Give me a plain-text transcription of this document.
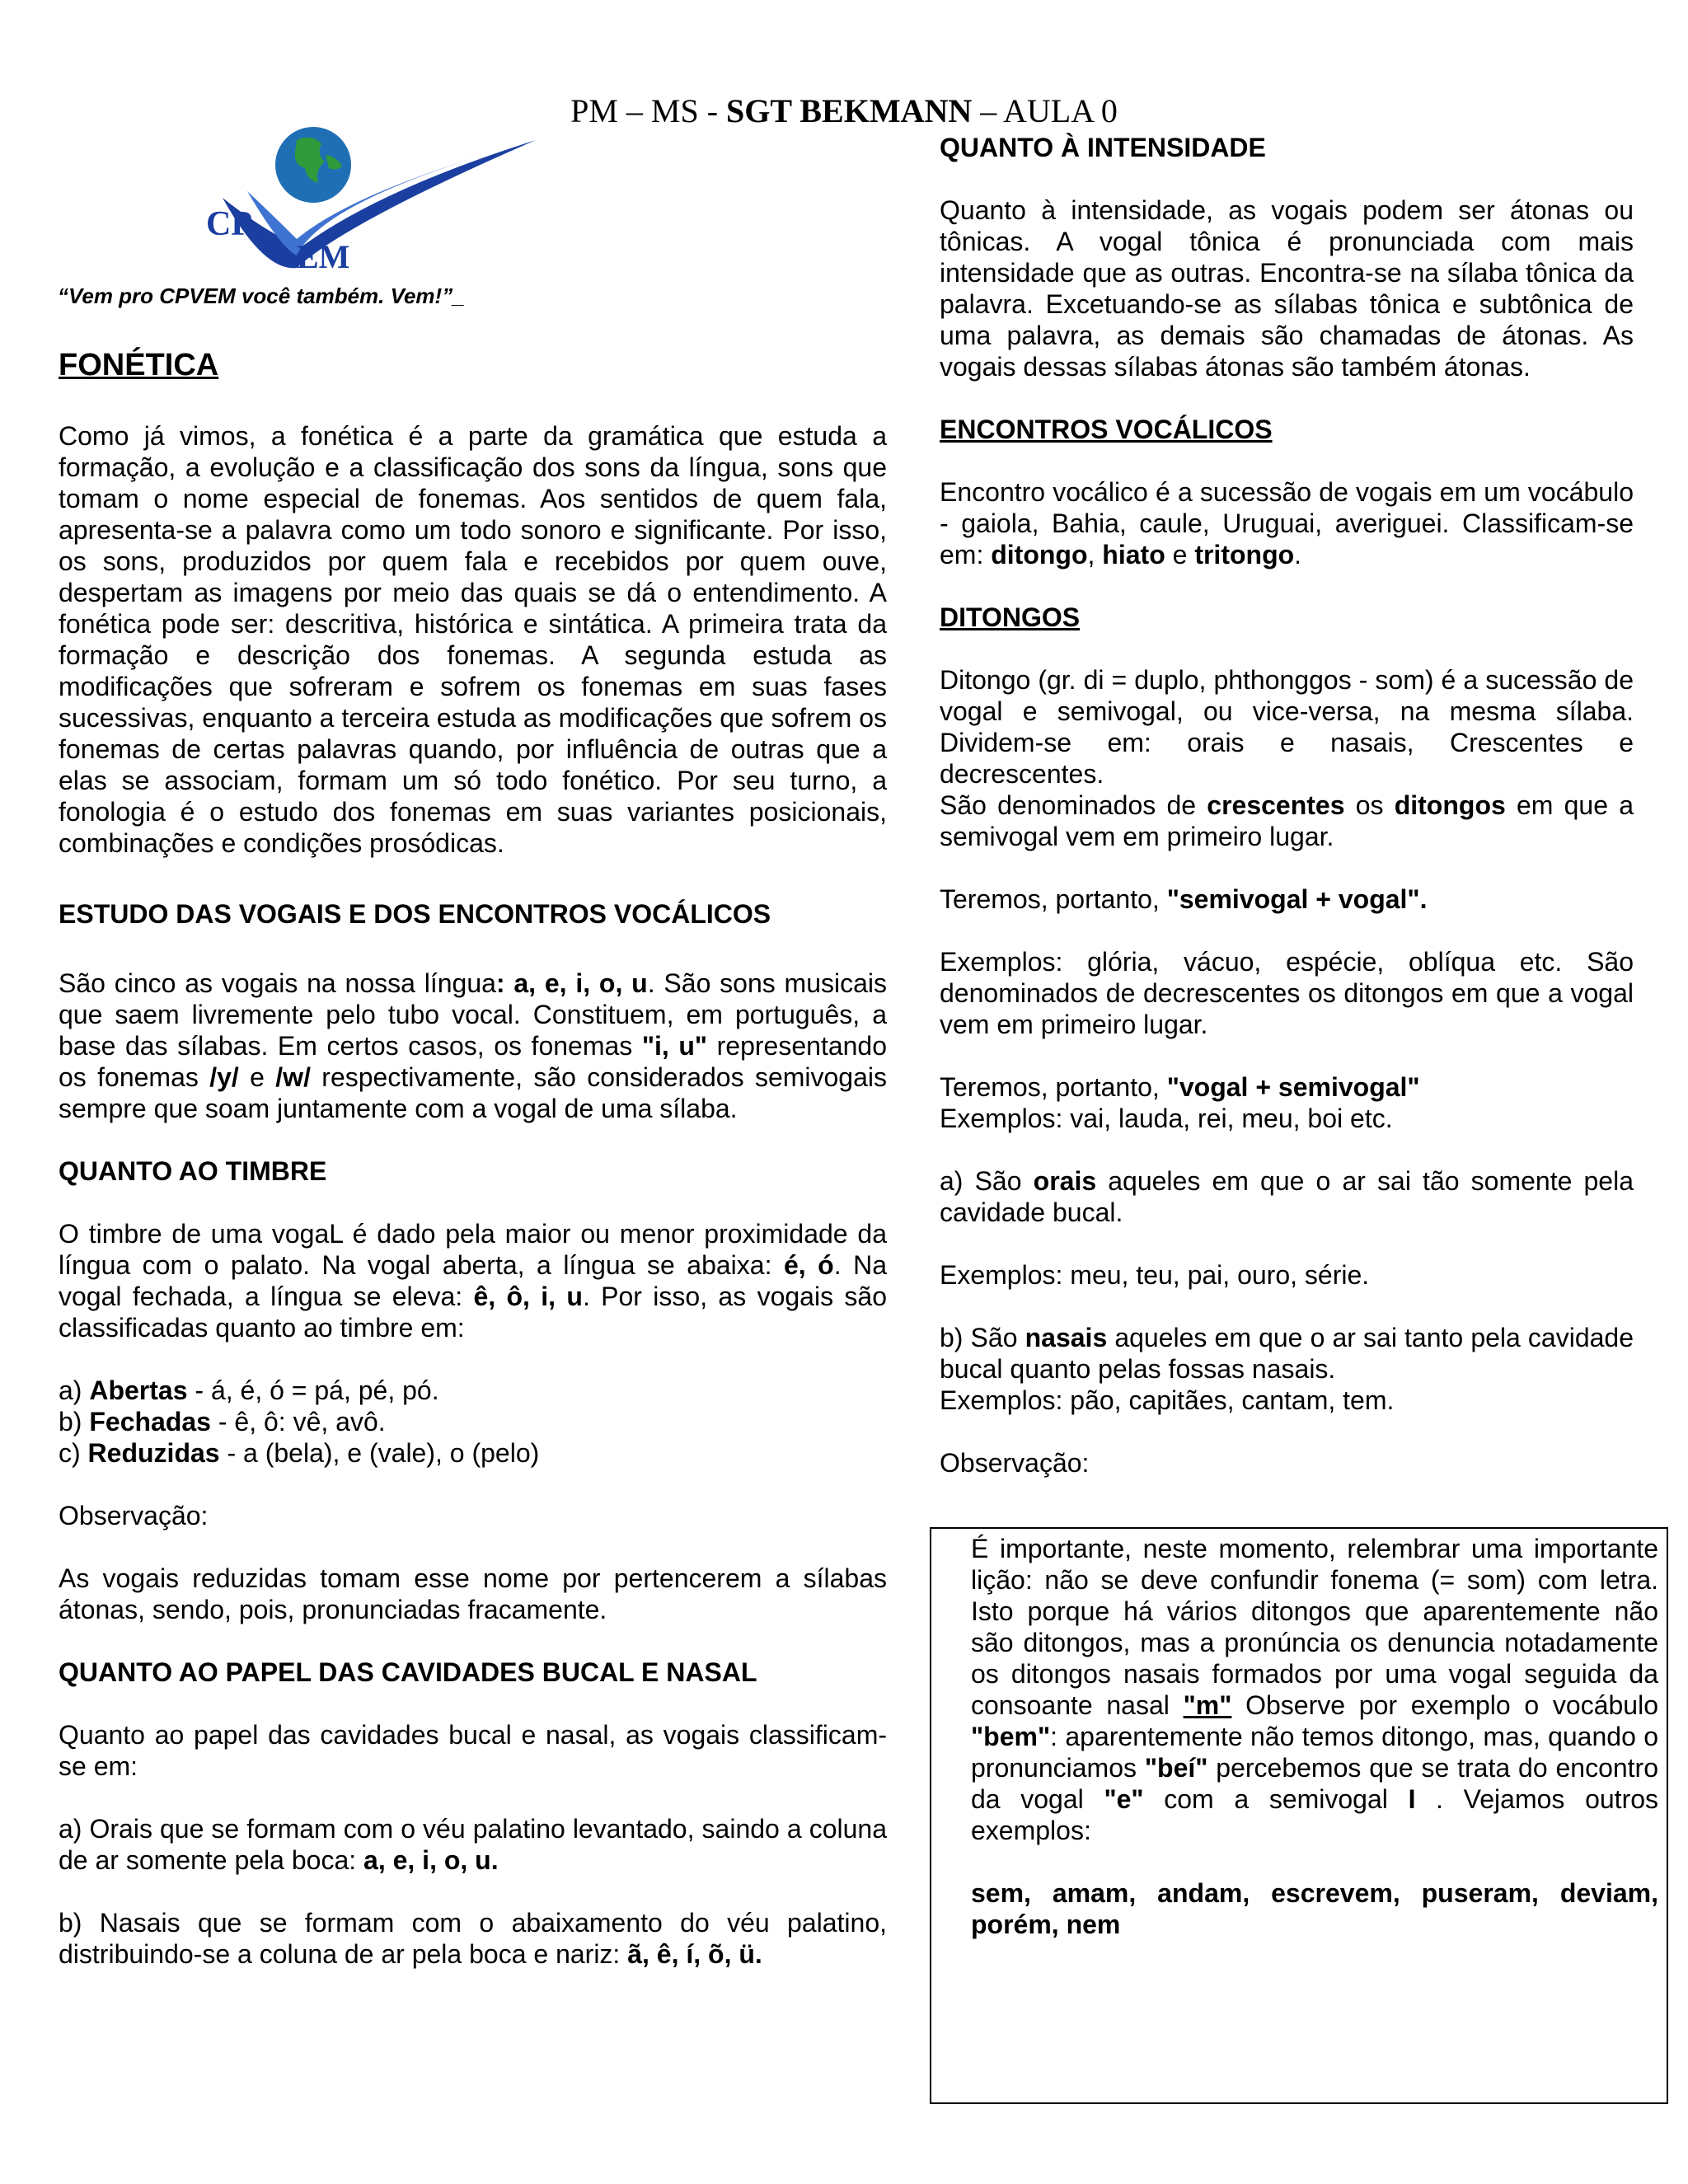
PM – MS - SGT BEKMANN – AULA 0
CP
EM
“Vem pro CPVEM você também. Vem!”_

FONÉTICA

Como já vimos, a fonética é a parte da gramática que estuda a formação, a evolução e a classificação dos sons da língua, sons que tomam o nome especial de fonemas. Aos sentidos de quem fala, apresenta-se a palavra como um todo sonoro e significante. Por isso, os sons, produzidos por quem fala e recebidos por quem ouve, despertam as imagens por meio das quais se dá o entendimento. A fonética pode ser: descritiva, histórica e sintática. A primeira trata da formação e descrição dos fonemas. A segunda estuda as modificações que sofreram e sofrem os fonemas em suas fases sucessivas, enquanto a terceira estuda as modificações que sofrem os fonemas de certas palavras quando, por influência de outras que a elas se associam, formam um só todo fonético. Por seu turno, a fonologia é o estudo dos fonemas em suas variantes posicionais, combinações e condições prosódicas.

ESTUDO DAS VOGAIS E DOS ENCONTROS VOCÁLICOS

São cinco as vogais na nossa língua: a, e, i, o, u. São sons musicais que saem livremente pelo tubo vocal. Constituem, em português, a base das sílabas. Em certos casos, os fonemas "i, u" representando os fonemas /y/ e /w/ respectivamente, são considerados semivogais sempre que soam juntamente com a vogal de uma sílaba.

QUANTO AO TIMBRE

O timbre de uma vogaL é dado pela maior ou menor proximidade da língua com o palato. Na vogal aberta, a língua se abaixa: é, ó. Na vogal fechada, a língua se eleva: ê, ô, i, u. Por isso, as vogais são classificadas quanto ao timbre em:

a) Abertas - á, é, ó = pá, pé, pó.

b) Fechadas - ê, ô: vê, avô.

c) Reduzidas - a (bela), e (vale), o (pelo)

Observação:

As vogais reduzidas tomam esse nome por pertencerem a sílabas átonas, sendo, pois, pronunciadas fracamente.

QUANTO AO PAPEL DAS CAVIDADES BUCAL E NASAL

Quanto ao papel das cavidades bucal e nasal, as vogais classificam-se em:

a) Orais que se formam com o véu palatino levantado, saindo a coluna de ar somente pela boca: a, e, i, o, u.

b) Nasais que se formam com o abaixamento do véu palatino, distribuindo-se a coluna de ar pela boca e nariz: ã, ê, í, õ, ü.

QUANTO À INTENSIDADE

Quanto à intensidade, as vogais podem ser átonas ou tônicas. A vogal tônica é pronunciada com mais intensidade que as outras. Encontra-se na sílaba tônica da palavra. Excetuando-se as sílabas tônica e subtônica de uma palavra, as demais são chamadas de átonas. As vogais dessas sílabas átonas são também átonas.

ENCONTROS VOCÁLICOS

Encontro vocálico é a sucessão de vogais em um vocábulo - gaiola, Bahia, caule, Uruguai, averiguei. Classificam-se em: ditongo, hiato e tritongo.

DITONGOS

Ditongo (gr. di = duplo, phthonggos - som) é a sucessão de vogal e semivogal, ou vice-versa, na mesma sílaba. Dividem-se em: orais e nasais, Crescentes e decrescentes.

São denominados de crescentes os ditongos em que a semivogal vem em primeiro lugar.

Teremos, portanto, "semivogal + vogal".

Exemplos: glória, vácuo, espécie, oblíqua etc. São denominados de decrescentes os ditongos em que a vogal vem em primeiro lugar.

Teremos, portanto, "vogal + semivogal"

Exemplos: vai, lauda, rei, meu, boi etc.

a) São orais aqueles em que o ar sai tão somente pela cavidade bucal.

Exemplos: meu, teu, pai, ouro, série.

b) São nasais aqueles em que o ar sai tanto pela cavidade bucal quanto pelas fossas nasais.

Exemplos: pão, capitães, cantam, tem.

Observação:

É importante, neste momento, relembrar uma importante lição: não se deve confundir fonema (= som) com letra. Isto porque há vários ditongos que aparentemente não são ditongos, mas a pronúncia os denuncia notadamente os ditongos nasais formados por uma vogal seguida da consoante nasal "m" Observe por exemplo o vocábulo "bem": aparentemente não temos ditongo, mas, quando o pronunciamos "beí" percebemos que se trata do encontro da vogal "e" com a semivogal I . Vejamos outros exemplos:

sem, amam, andam, escrevem, puseram, deviam, porém, nem
